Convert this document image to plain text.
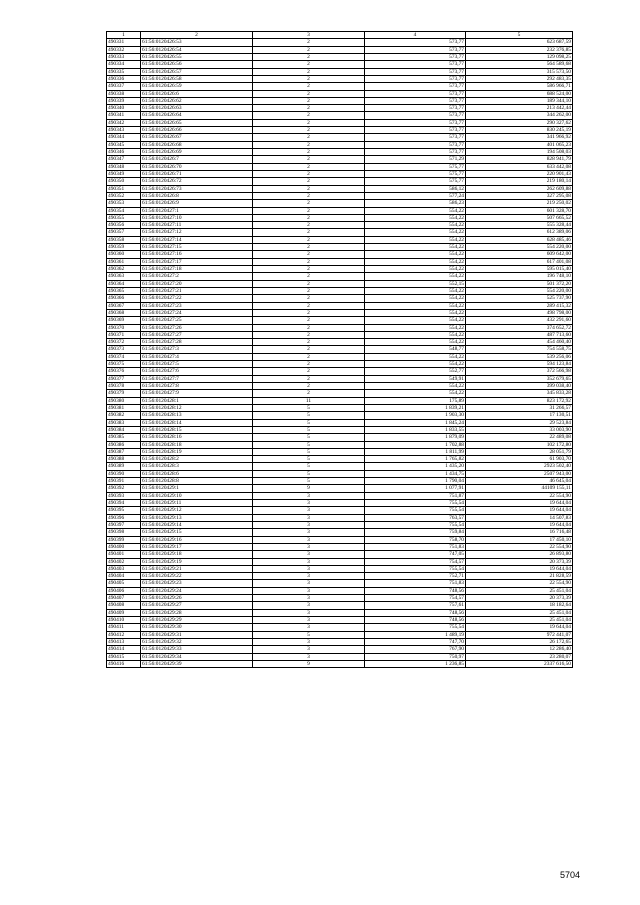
1	2	3	4	5
490331	61:56:0120426:53	2	573,77	623 687,59
490332	61:56:0120426:54	2	573,77	232 376,85
490333	61:56:0120426:55	2	573,77	129 098,25
490334	61:56:0120426:56	2	573,77	564 589,68
490335	61:56:0120426:57	2	573,77	315 573,50
490336	61:56:0120426:58	2	573,77	292 483,35
490337	61:56:0120426:59	2	573,77	586 966,71
490338	61:56:0120426:6	2	573,77	688 524,00
490339	61:56:0120426:62	2	573,77	189 344,10
490340	61:56:0120426:63	2	573,77	213 442,44
490341	61:56:0120426:64	2	573,77	344 262,00
490342	61:56:0120426:65	2	573,77	290 327,62
490343	61:56:0120426:66	2	573,77	830 245,19
490344	61:56:0120426:67	2	573,77	341 966,92
490345	61:56:0120426:68	2	573,77	401 065,23
490346	61:56:0120426:69	2	573,77	194 508,03
490347	61:56:0120426:7	2	571,29	828 941,79
490348	61:56:0120426:70	2	575,77	633 442,08
490349	61:56:0120426:71	2	575,77	220 901,43
490350	61:56:0120426:72	2	575,77	219 180,14
490351	61:56:0120426:73	2	586,12	262 609,88
490352	61:56:0120426:8	2	577,24	327 295,08
490353	61:56:0120426:9	2	586,23	219 250,02
490354	61:56:0120427:1	2	554,22	601 328,70
490355	61:56:0120427:10	2	554,22	507 665,52
490356	61:56:0120427:11	2	554,22	555 328,44
490357	61:56:0120427:12	2	554,22	612 389,06
490358	61:56:0120427:14	2	554,22	628 485,46
490359	61:56:0120427:15	2	554,22	554 220,00
490360	61:56:0120427:16	2	554,22	609 642,00
490361	61:56:0120427:17	2	554,22	617 401,08
490362	61:56:0120427:18	2	554,22	595 015,40
490363	61:56:0120427:2	2	554,22	196 748,10
490364	61:56:0120427:20	2	552,15	501 372,20
490365	61:56:0120427:21	2	554,22	554 220,00
490366	61:56:0120427:22	2	554,22	525 737,90
490367	61:56:0120427:23	2	554,22	289 415,32
490368	61:56:0120427:24	2	554,22	498 798,00
490369	61:56:0120427:25	2	554,22	432 291,60
490370	61:56:0120427:26	2	554,22	374 652,72
490371	61:56:0120427:27	2	554,22	487 713,60
490372	61:56:0120427:28	2	554,22	454 460,40
490373	61:56:0120427:3	2	548,77	754 558,75
490374	61:56:0120427:4	2	554,22	539 256,06
490375	61:56:0120427:5	2	554,22	594 123,84
490376	61:56:0120427:6	2	552,77	372 566,98
490377	61:56:0120427:7	2	549,91	352 679,65
490378	61:56:0120427:8	2	554,22	399 038,40
490379	61:56:0120427:9	2	554,22	345 833,28
490380	61:56:0120428:1	11	175,89	823 172,92
490381	61:56:0120428:12	5	1 839,21	31 266,57
490382	61:56:0120428:13	5	1 903,30	17 130,51
490383	61:56:0120428:14	5	1 845,24	29 523,84
490384	61:56:0120428:15	5	1 833,55	33 003,90
490385	61:56:0120428:16	5	1 879,09	22 489,08
490386	61:56:0120428:18	5	1 702,88	102 172,80
490387	61:56:0120428:19	5	1 811,99	28 051,79
490388	61:56:0120428:2	5	1 765,82	61 903,70
490389	61:56:0120428:3	5	1 435,20	2923 502,40
490390	61:56:0120428:6	5	1 434,75	2507 943,00
490391	61:56:0120428:8	5	1 790,04	46 645,04
490392	61:56:0120429:1	9	1 077,91	44109 155,11
490393	61:56:0120429:10	3	751,87	22 554,90
490394	61:56:0120429:11	3	755,54	19 644,04
490395	61:56:0120429:12	3	755,54	19 644,04
490396	61:56:0120429:13	3	763,57	14 507,83
490397	61:56:0120429:14	3	755,54	19 644,04
490398	61:56:0120429:15	3	759,84	16 716,48
490399	61:56:0120429:16	3	758,70	17 450,10
490400	61:56:0120429:17	3	751,83	22 554,90
490401	61:56:0120429:18	3	747,05	26 893,80
490402	61:56:0120429:19	3	754,57	20 373,39
490403	61:56:0120429:21	3	755,54	19 644,04
490404	61:56:0120429:22	3	752,71	21 828,59
490405	61:56:0120429:23	3	751,83	22 554,90
490406	61:56:0120429:24	3	748,56	25 451,04
490407	61:56:0120429:26	3	754,57	20 373,39
490408	61:56:0120429:27	3	757,61	18 182,64
490409	61:56:0120429:28	3	748,56	25 451,04
490410	61:56:0120429:29	3	748,56	25 451,04
490411	61:56:0120429:30	3	755,54	19 644,04
490412	61:56:0120429:31	5	1 489,19	972 441,07
490413	61:56:0120429:32	3	747,70	26 172,65
490414	61:56:0120429:33	3	767,90	12 286,40
490415	61:56:0120429:34	3	750,97	23 280,07
490416	61:56:0120429:39	9	1 236,85	2337 616,50
5704
